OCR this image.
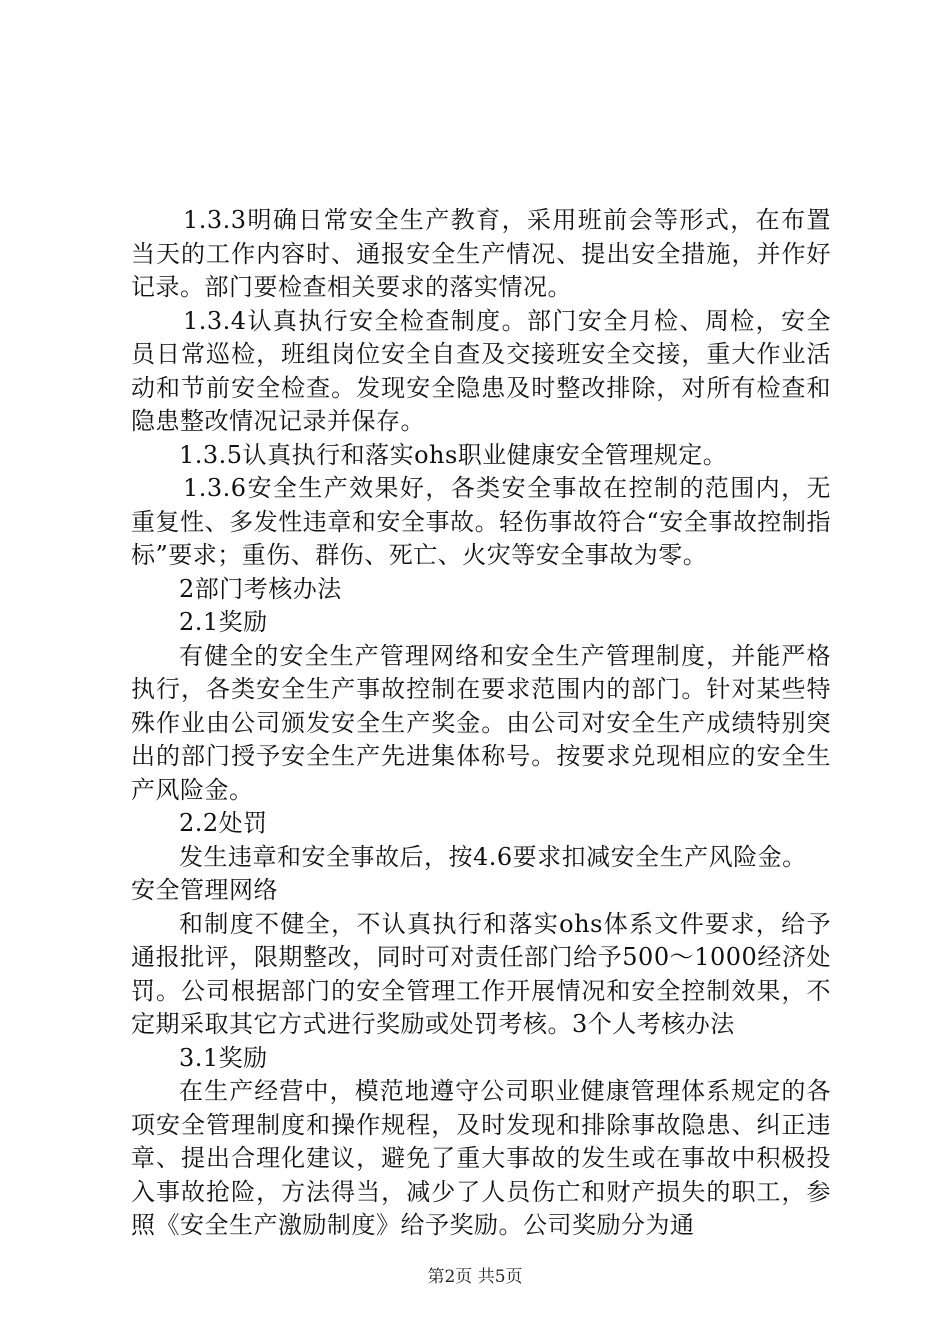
1.3.3明确日常安全生产教育，采用班前会等形式，在布置当天的工作内容时、通报安全生产情况、提出安全措施，并作好记录。部门要检查相关要求的落实情况。

1.3.4认真执行安全检查制度。部门安全月检、周检，安全员日常巡检，班组岗位安全自查及交接班安全交接，重大作业活动和节前安全检查。发现安全隐患及时整改排除，对所有检查和隐患整改情况记录并保存。

1.3.5认真执行和落实ohs职业健康安全管理规定。

1.3.6安全生产效果好，各类安全事故在控制的范围内，无重复性、多发性违章和安全事故。轻伤事故符合“安全事故控制指标”要求；重伤、群伤、死亡、火灾等安全事故为零。

2部门考核办法

2.1奖励

有健全的安全生产管理网络和安全生产管理制度，并能严格执行，各类安全生产事故控制在要求范围内的部门。针对某些特殊作业由公司颁发安全生产奖金。由公司对安全生产成绩特别突出的部门授予安全生产先进集体称号。按要求兑现相应的安全生产风险金。

2.2处罚

发生违章和安全事故后，按4.6要求扣减安全生产风险金。

安全管理网络

和制度不健全，不认真执行和落实ohs体系文件要求，给予通报批评，限期整改，同时可对责任部门给予500～1000经济处罚。公司根据部门的安全管理工作开展情况和安全控制效果，不定期采取其它方式进行奖励或处罚考核。3个人考核办法

3.1奖励

在生产经营中，模范地遵守公司职业健康管理体系规定的各项安全管理制度和操作规程，及时发现和排除事故隐患、纠正违章、提出合理化建议，避免了重大事故的发生或在事故中积极投入事故抢险，方法得当，减少了人员伤亡和财产损失的职工，参照《安全生产激励制度》给予奖励。公司奖励分为通

第2页 共5页
